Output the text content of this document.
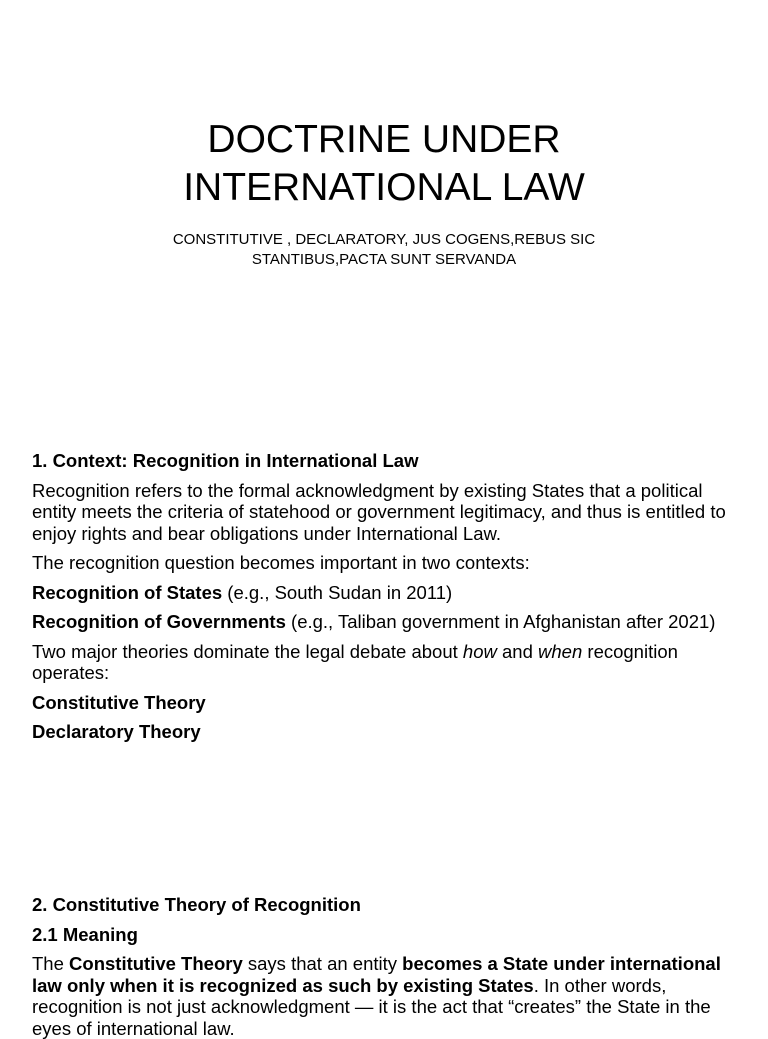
DOCTRINE UNDER
INTERNATIONAL LAW
CONSTITUTIVE , DECLARATORY, JUS COGENS,REBUS SIC
STANTIBUS,PACTA SUNT SERVANDA

1. Context: Recognition in International Law

Recognition refers to the formal acknowledgment by existing States that a political entity meets the criteria of statehood or government legitimacy, and thus is entitled to enjoy rights and bear obligations under International Law.

The recognition question becomes important in two contexts:

Recognition of States (e.g., South Sudan in 2011)

Recognition of Governments (e.g., Taliban government in Afghanistan after 2021)

Two major theories dominate the legal debate about how and when recognition operates:

Constitutive Theory

Declaratory Theory

2. Constitutive Theory of Recognition

2.1 Meaning

The Constitutive Theory says that an entity becomes a State under international law only when it is recognized as such by existing States. In other words, recognition is not just acknowledgment — it is the act that “creates” the State in the eyes of international law.
